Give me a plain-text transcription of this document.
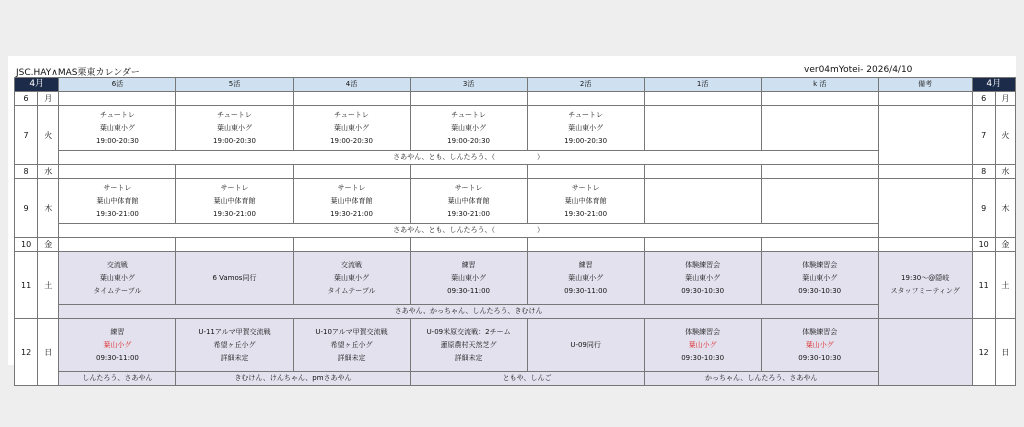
JSC.HAY∧MAS栗東カレンダー	ver04mYotei- 2026/4/10
4月		6活	5活	4活	3活	2活	1活	k 活	備考	4月	
6	月									6	月
7	火	チュートレ
葉山東小グ
19:00-20:30	チュートレ
葉山東小グ
19:00-20:30	チュートレ
葉山東小グ
19:00-20:30	チュートレ
葉山東小グ
19:00-20:30	チュートレ
葉山東小グ
19:00-20:30				7	火
		さあやん、とも、しんたろう、（　　　　　　）									
8	水									8	水
9	木	サートレ
葉山中体育館
19:30-21:00	サートレ
葉山中体育館
19:30-21:00	サートレ
葉山中体育館
19:30-21:00	サートレ
葉山中体育館
19:30-21:00	サートレ
葉山中体育館
19:30-21:00				9	木
		さあやん、とも、しんたろう、（　　　　　　）									
10	金									10	金
11	土	交流戦
葉山東小グ
タイムテーブル	6 Vamos同行	交流戦
葉山東小グ
タイムテーブル	練習
葉山東小グ
09:30-11:00	練習
葉山東小グ
09:30-11:00	体験練習会
葉山東小グ
09:30-10:30	体験練習会
葉山東小グ
09:30-10:30	19:30～@隠岐
スタッフミーティング	11	土
		さあやん、かっちゃん、しんたろう、きむけん									
12	日	練習
葉山小グ
09:30-11:00	U-11アルマ甲賀交流戦
希望ヶ丘小グ
詳細未定	U-10アルマ甲賀交流戦
希望ヶ丘小グ
詳細未定	U-09米原交流戦：2チーム
蓮原農村天然芝グ
詳細未定	U-09同行	体験練習会
葉山小グ
09:30-10:30	体験練習会
葉山小グ
09:30-10:30		12	日
		しんたろう、さあやん	きむけん、けんちゃん、pmさあやん		ともや、しんご		かっちゃん、しんたろう、さあやん				
